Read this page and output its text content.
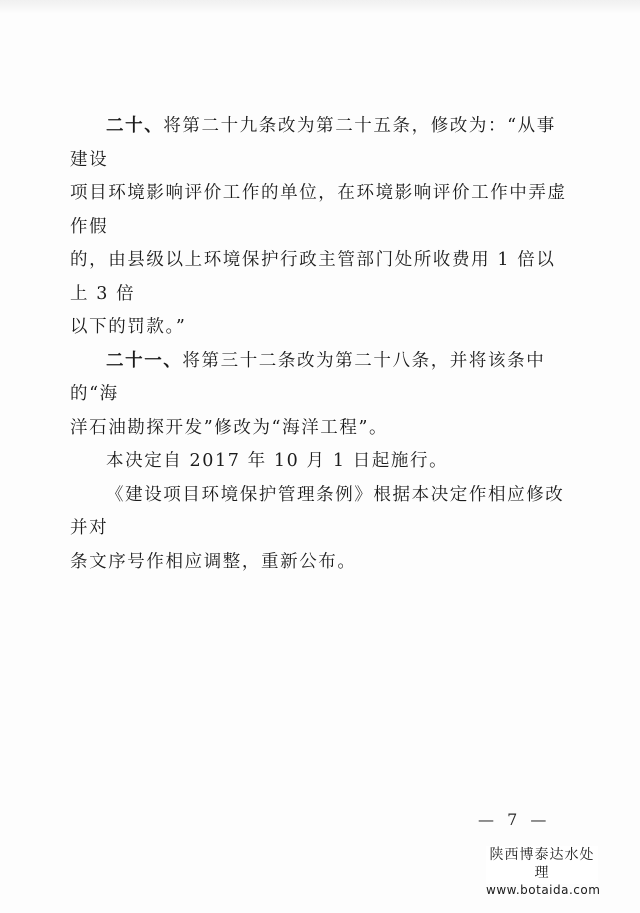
二十、将第二十九条改为第二十五条，修改为：“从事建设
项目环境影响评价工作的单位，在环境影响评价工作中弄虚作假
的，由县级以上环境保护行政主管部门处所收费用 1 倍以上 3 倍
以下的罚款。”

二十一、将第三十二条改为第二十八条，并将该条中的“海
洋石油勘探开发”修改为“海洋工程”。

本决定自 2017 年 10 月 1 日起施行。

《建设项目环境保护管理条例》根据本决定作相应修改并对
条文序号作相应调整，重新公布。

— 7 —
陕西博泰达水处理
www.botaida.com
